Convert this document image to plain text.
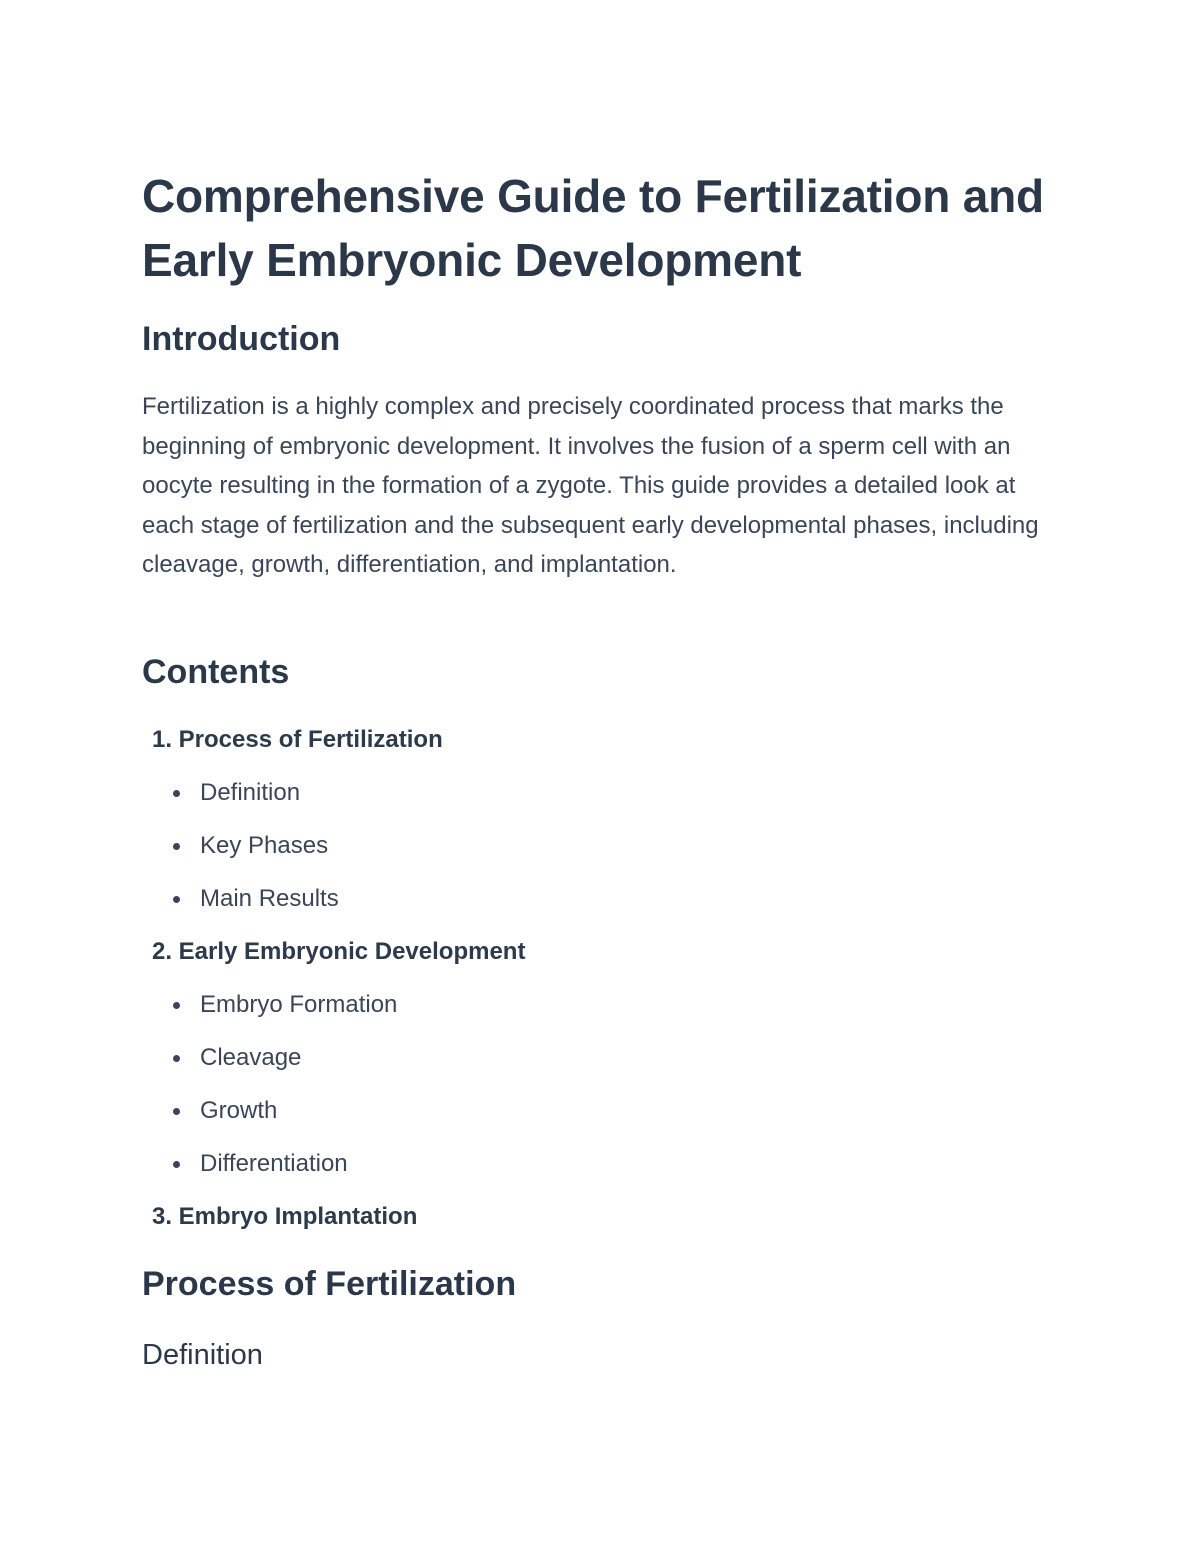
Comprehensive Guide to Fertilization and Early Embryonic Development
Introduction

Fertilization is a highly complex and precisely coordinated process that marks the beginning of embryonic development. It involves the fusion of a sperm cell with an oocyte resulting in the formation of a zygote. This guide provides a detailed look at each stage of fertilization and the subsequent early developmental phases, including cleavage, growth, differentiation, and implantation.

Contents
1. Process of Fertilization
Definition
Key Phases
Main Results
2. Early Embryonic Development
Embryo Formation
Cleavage
Growth
Differentiation
3. Embryo Implantation
Process of Fertilization
Definition
